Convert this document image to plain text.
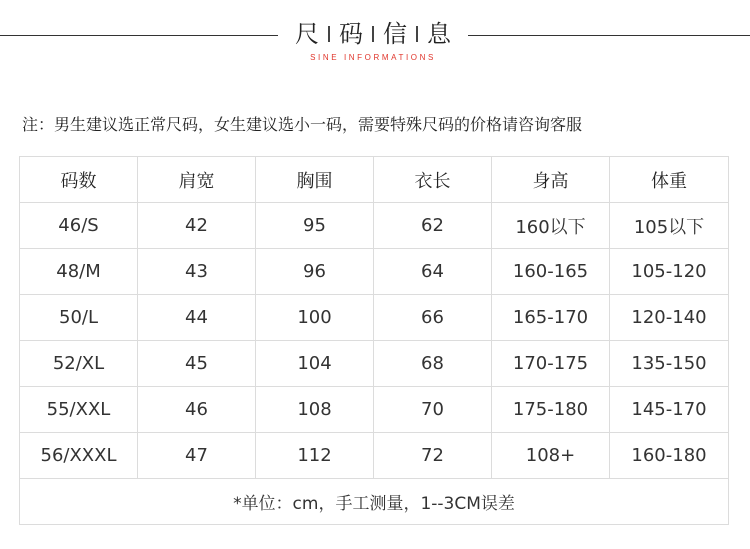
尺 码 信 息
SINE INFORMATIONS
注：男生建议选正常尺码，女生建议选小一码，需要特殊尺码的价格请咨询客服
码数	肩宽	胸围	衣长	身高	体重
46/S	42	95	62	160以下	105以下
48/M	43	96	64	160-165	105-120
50/L	44	100	66	165-170	120-140
52/XL	45	104	68	170-175	135-150
55/XXL	46	108	70	175-180	145-170
56/XXXL	47	112	72	108+	160-180
*单位：cm，手工测量，1--3CM误差					
